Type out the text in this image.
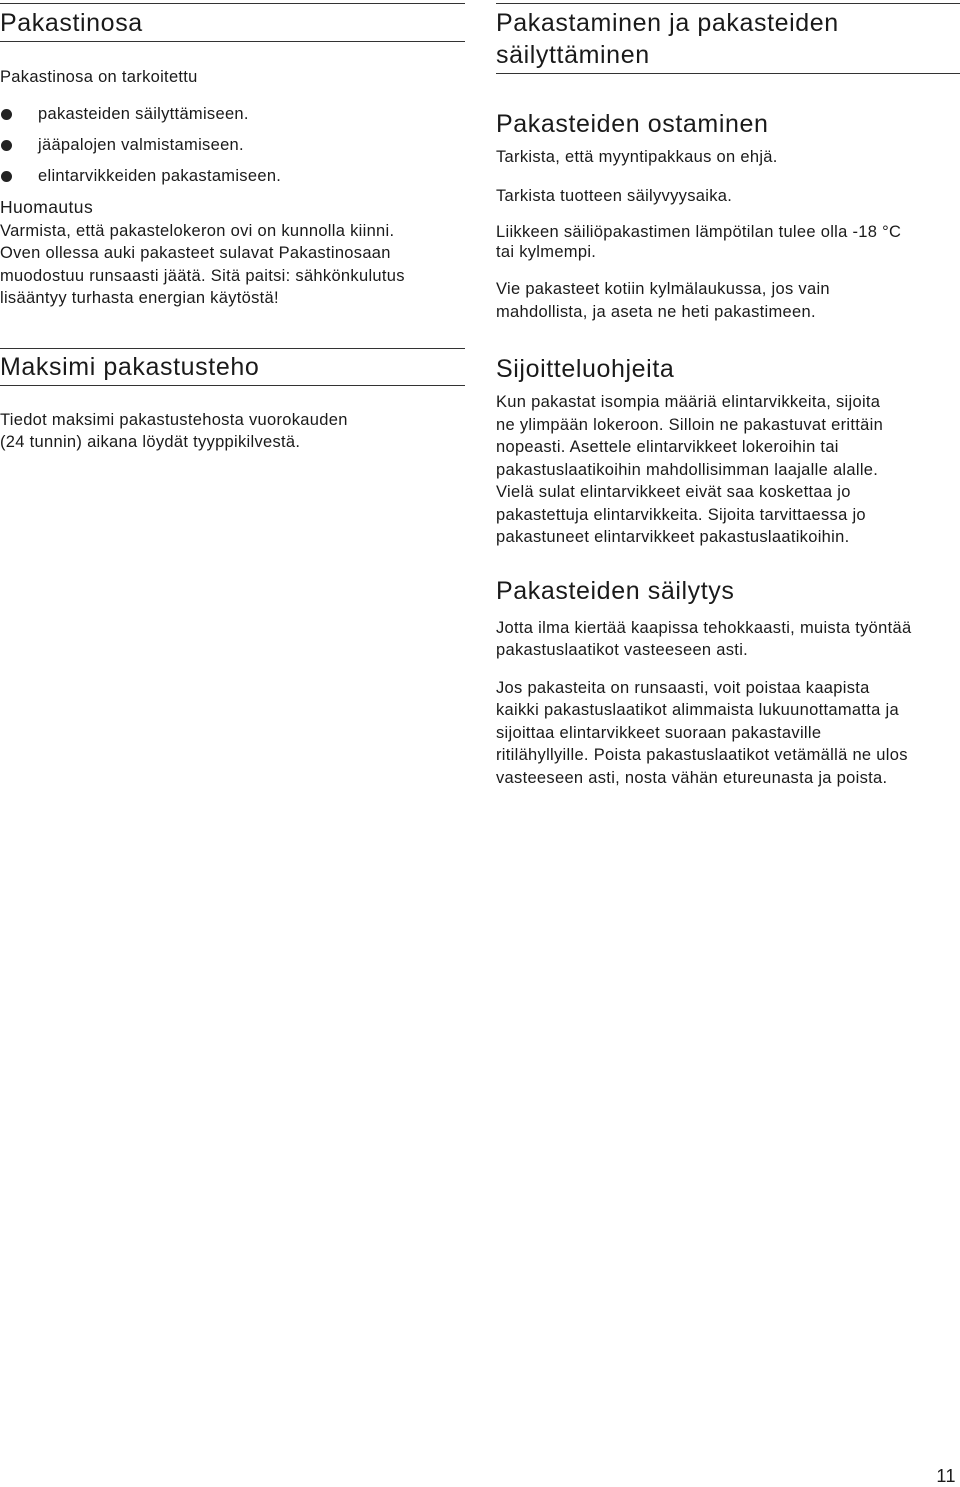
Pakastinosa

Pakastinosa on tarkoitettu

pakasteiden säilyttämiseen.
jääpalojen valmistamiseen.
elintarvikkeiden pakastamiseen.

Huomautus

Varmista, että pakastelokeron ovi on kunnolla kiinni.

Oven ollessa auki pakasteet sulavat Pakastinosaan

muodostuu runsaasti jäätä. Sitä paitsi: sähkönkulutus

lisääntyy turhasta energian käytöstä!

Maksimi pakastusteho

Tiedot maksimi pakastustehosta vuorokauden

(24 tunnin) aikana löydät tyyppikilvestä.

Pakastaminen ja pakasteiden
säilyttäminen
Pakasteiden ostaminen

Tarkista, että myyntipakkaus on ehjä.

Tarkista tuotteen säilyvyysaika.

Liikkeen säiliöpakastimen lämpötilan tulee olla -18 °C

tai kylmempi.

Vie pakasteet kotiin kylmälaukussa, jos vain

mahdollista, ja aseta ne heti pakastimeen.

Sijoitteluohjeita

Kun pakastat isompia määriä elintarvikkeita, sijoita

ne ylimpään lokeroon. Silloin ne pakastuvat erittäin

nopeasti. Asettele elintarvikkeet lokeroihin tai

pakastuslaatikoihin mahdollisimman laajalle alalle.

Vielä sulat elintarvikkeet eivät saa koskettaa jo

pakastettuja elintarvikkeita. Sijoita tarvittaessa jo

pakastuneet elintarvikkeet pakastuslaatikoihin.

Pakasteiden säilytys

Jotta ilma kiertää kaapissa tehokkaasti, muista työntää

pakastuslaatikot vasteeseen asti.

Jos pakasteita on runsaasti, voit poistaa kaapista

kaikki pakastuslaatikot alimmaista lukuunottamatta ja

sijoittaa elintarvikkeet suoraan pakastaville

ritilähyllyille. Poista pakastuslaatikot vetämällä ne ulos

vasteeseen asti, nosta vähän etureunasta ja poista.

11
